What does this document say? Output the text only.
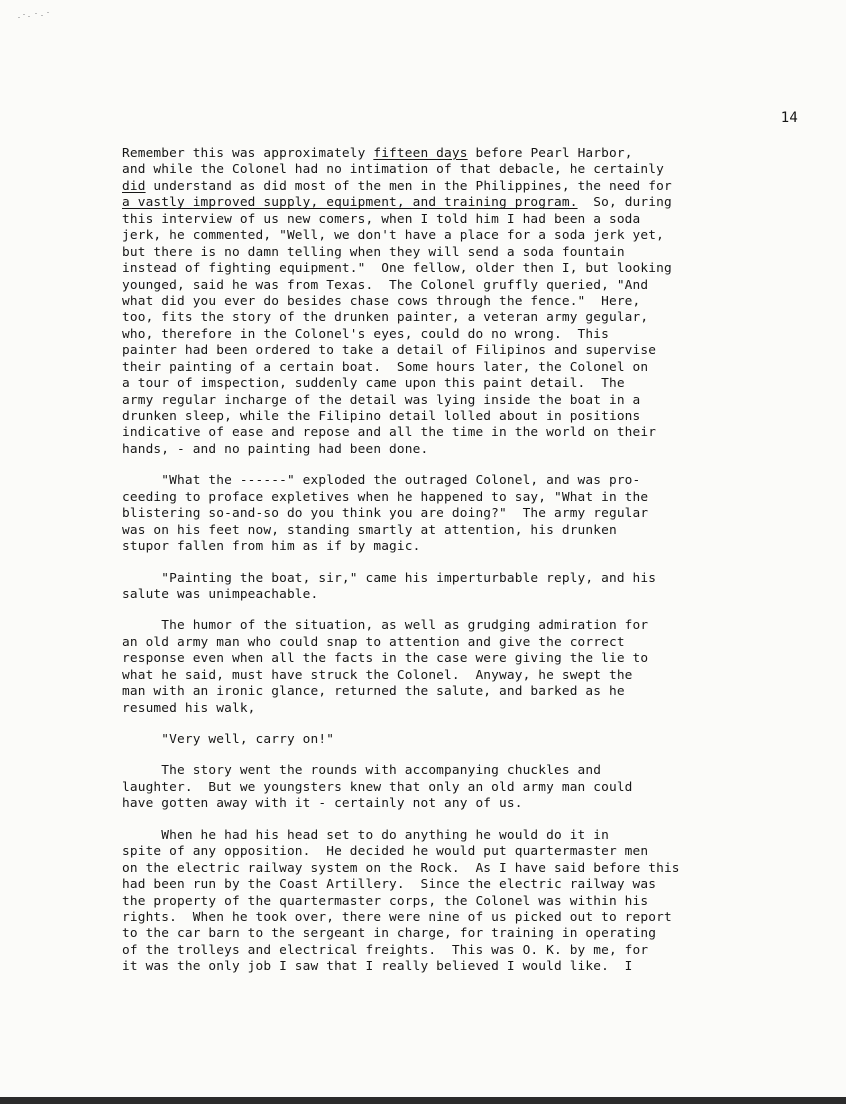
14
Remember this was approximately fifteen days before Pearl Harbor,
and while the Colonel had no intimation of that debacle, he certainly
did understand as did most of the men in the Philippines, the need for
a vastly improved supply, equipment, and training program.  So, during
this interview of us new comers, when I told him I had been a soda
jerk, he commented, "Well, we don't have a place for a soda jerk yet,
but there is no damn telling when they will send a soda fountain
instead of fighting equipment."  One fellow, older then I, but looking
younged, said he was from Texas.  The Colonel gruffly queried, "And
what did you ever do besides chase cows through the fence."  Here,
too, fits the story of the drunken painter, a veteran army gegular,
who, therefore in the Colonel's eyes, could do no wrong.  This
painter had been ordered to take a detail of Filipinos and supervise
their painting of a certain boat.  Some hours later, the Colonel on
a tour of imspection, suddenly came upon this paint detail.  The
army regular incharge of the detail was lying inside the boat in a
drunken sleep, while the Filipino detail lolled about in positions
indicative of ease and repose and all the time in the world on their
hands, - and no painting had been done.
"What the ------" exploded the outraged Colonel, and was pro-
ceeding to proface expletives when he happened to say, "What in the
blistering so-and-so do you think you are doing?"  The army regular
was on his feet now, standing smartly at attention, his drunken
stupor fallen from him as if by magic.
"Painting the boat, sir," came his imperturbable reply, and his
salute was unimpeachable.
The humor of the situation, as well as grudging admiration for
an old army man who could snap to attention and give the correct
response even when all the facts in the case were giving the lie to
what he said, must have struck the Colonel.  Anyway, he swept the
man with an ironic glance, returned the salute, and barked as he
resumed his walk,
"Very well, carry on!"
The story went the rounds with accompanying chuckles and
laughter.  But we youngsters knew that only an old army man could
have gotten away with it - certainly not any of us.
When he had his head set to do anything he would do it in
spite of any opposition.  He decided he would put quartermaster men
on the electric railway system on the Rock.  As I have said before this
had been run by the Coast Artillery.  Since the electric railway was
the property of the quartermaster corps, the Colonel was within his
rights.  When he took over, there were nine of us picked out to report
to the car barn to the sergeant in charge, for training in operating
of the trolleys and electrical freights.  This was O. K. by me, for
it was the only job I saw that I really believed I would like.  I
